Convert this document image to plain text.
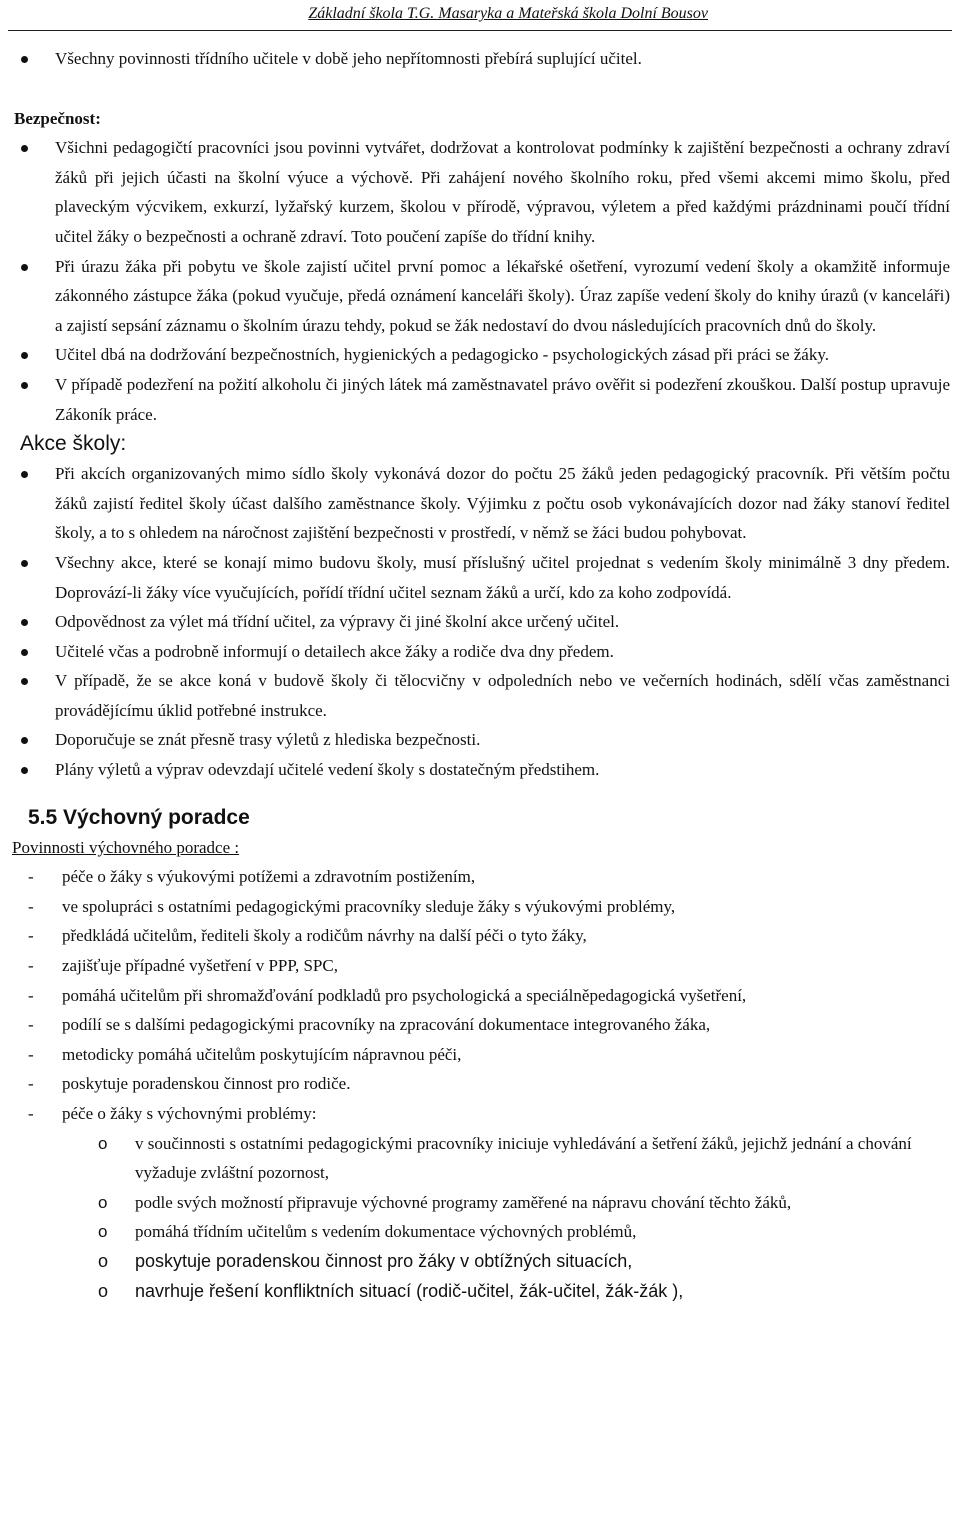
Základní škola T.G. Masaryka a Mateřská škola Dolní Bousov
Všechny povinnosti třídního učitele v době jeho nepřítomnosti přebírá suplující učitel.

Bezpečnost:

Všichni pedagogičtí pracovníci jsou povinni vytvářet, dodržovat a kontrolovat podmínky k zajištění bezpečnosti a ochrany zdraví žáků při jejich účasti na školní výuce a výchově. Při zahájení nového školního roku, před všemi akcemi mimo školu, před plaveckým výcvikem, exkurzí, lyžařský kurzem, školou v přírodě, výpravou, výletem a před každými prázdninami poučí třídní učitel žáky o bezpečnosti a ochraně zdraví. Toto poučení zapíše do třídní knihy.
Při úrazu žáka při pobytu ve škole zajistí učitel první pomoc a lékařské ošetření, vyrozumí vedení školy a okamžitě informuje zákonného zástupce žáka (pokud vyučuje, předá oznámení kanceláři školy). Úraz zapíše vedení školy do knihy úrazů (v kanceláři) a zajistí sepsání záznamu o školním úrazu tehdy, pokud se žák nedostaví do dvou následujících pracovních dnů do školy.
Učitel dbá na dodržování bezpečnostních, hygienických a pedagogicko - psychologických zásad při práci se žáky.
V případě podezření na požití alkoholu či jiných látek má zaměstnavatel právo ověřit si podezření zkouškou. Další postup upravuje Zákoník práce.

Akce školy:

Při akcích organizovaných mimo sídlo školy vykonává dozor do počtu 25 žáků jeden pedagogický pracovník. Při větším počtu žáků zajistí ředitel školy účast dalšího zaměstnance školy. Výjimku z počtu osob vykonávajících dozor nad žáky stanoví ředitel školy, a to s ohledem na náročnost zajištění bezpečnosti v prostředí, v němž se žáci budou pohybovat.
Všechny akce, které se konají mimo budovu školy, musí příslušný učitel projednat s vedením školy minimálně 3 dny předem. Doprovází-li žáky více vyučujících, pořídí třídní učitel seznam žáků a určí, kdo za koho zodpovídá.
Odpovědnost za výlet má třídní učitel, za výpravy či jiné školní akce určený učitel.
Učitelé včas a podrobně informují o detailech akce žáky a rodiče dva dny předem.
V případě, že se akce koná v budově školy či tělocvičny v odpoledních nebo ve večerních hodinách, sdělí včas zaměstnanci provádějícímu úklid potřebné instrukce.
Doporučuje se znát přesně trasy výletů z hlediska bezpečnosti.
Plány výletů a výprav odevzdají učitelé vedení školy s dostatečným předstihem.
5.5 Výchovný poradce

Povinnosti výchovného poradce :

- péče o žáky s výukovými potížemi a zdravotním postižením,
- ve spolupráci s ostatními pedagogickými pracovníky sleduje žáky s výukovými problémy,
- předkládá učitelům, řediteli školy a rodičům návrhy na další péči o tyto žáky,
- zajišťuje případné vyšetření v PPP, SPC,
- pomáhá učitelům při shromažďování podkladů pro psychologická a speciálněpedagogická vyšetření,
- podílí se s dalšími pedagogickými pracovníky na zpracování dokumentace integrovaného žáka,
- metodicky pomáhá učitelům poskytujícím nápravnou péči,
- poskytuje poradenskou činnost pro rodiče.
- péče o žáky s výchovnými problémy:
o v součinnosti s ostatními pedagogickými pracovníky iniciuje vyhledávání a šetření žáků, jejichž jednání a chování vyžaduje zvláštní pozornost,
o podle svých možností připravuje výchovné programy zaměřené na nápravu chování těchto žáků,
o pomáhá třídním učitelům s vedením dokumentace výchovných problémů,
o poskytuje poradenskou činnost pro žáky v obtížných situacích,
o navrhuje řešení konfliktních situací (rodič-učitel, žák-učitel, žák-žák ),
